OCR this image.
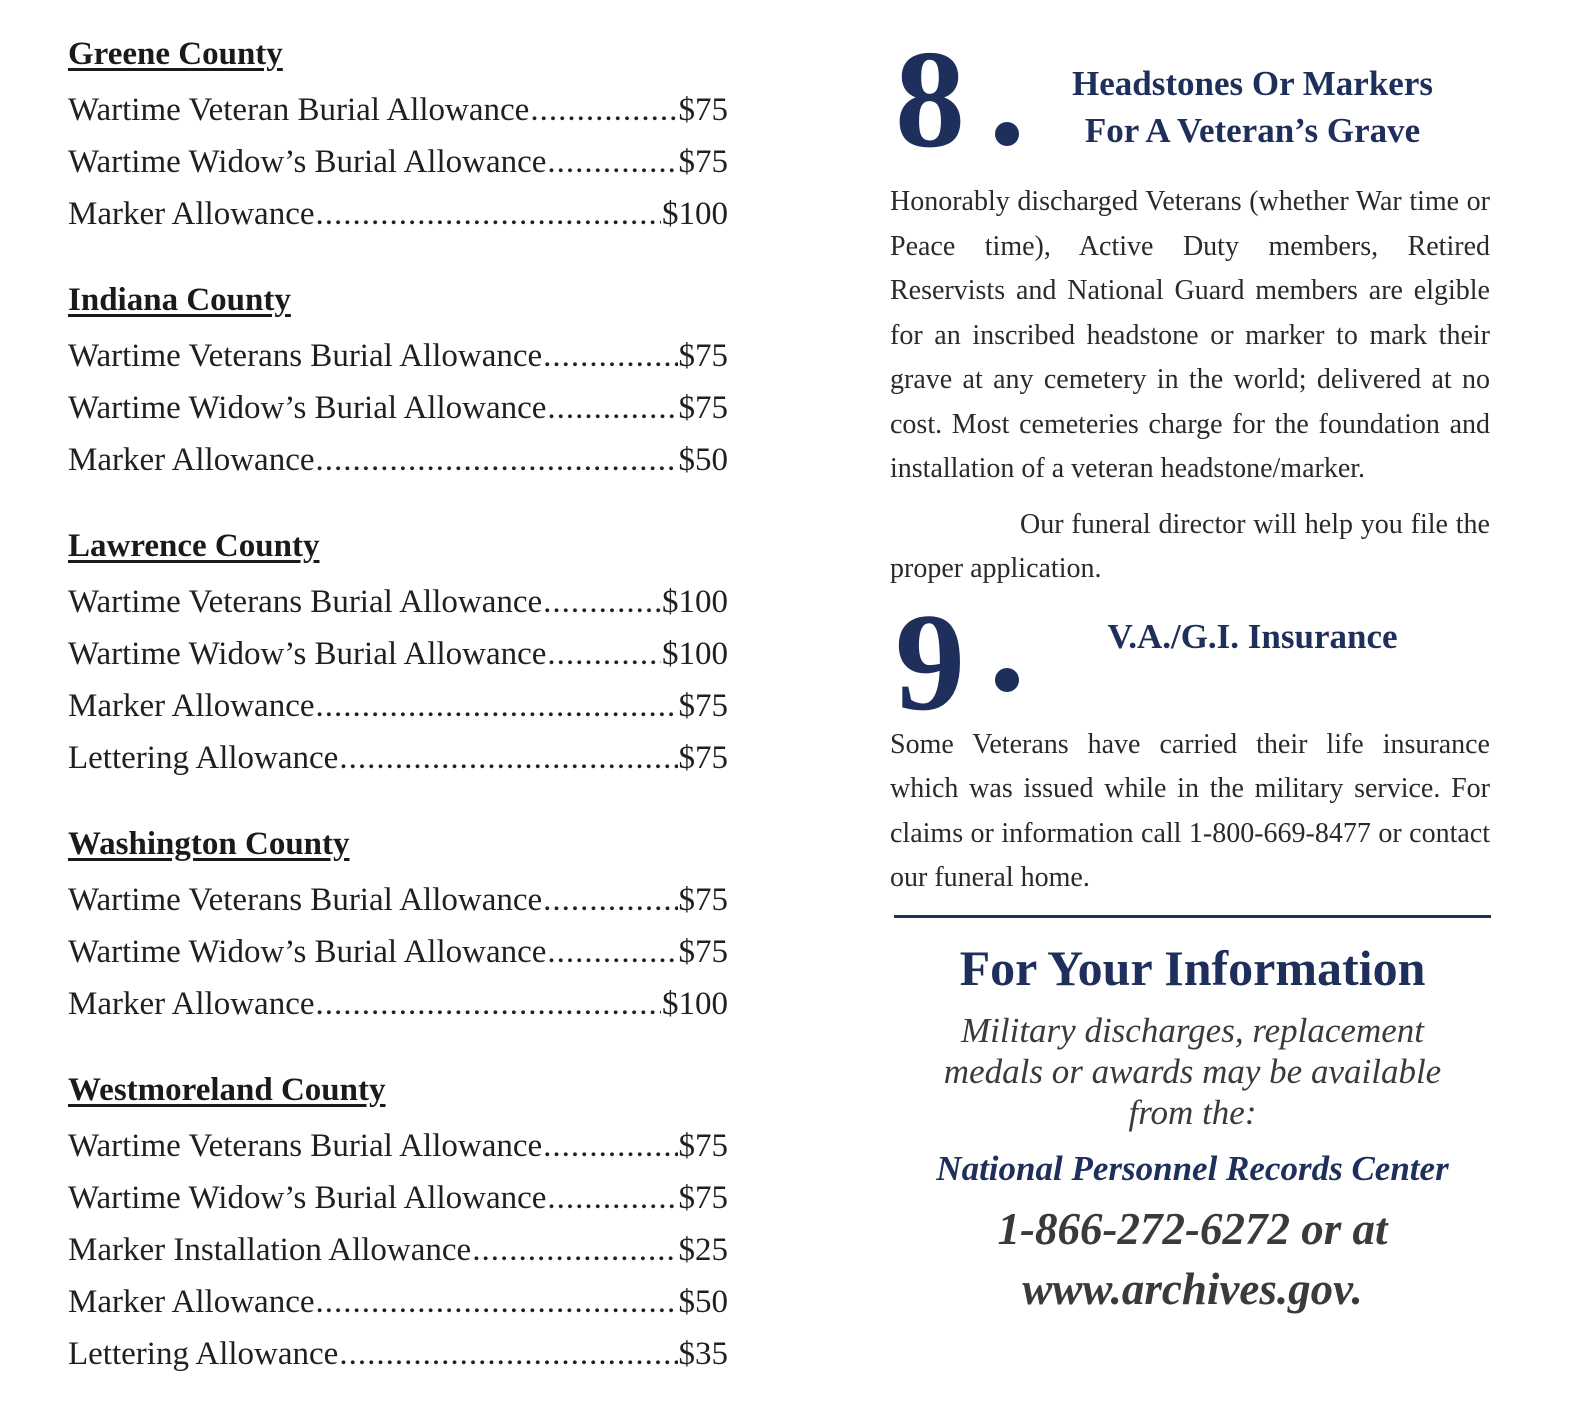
Greene County
Wartime Veteran Burial Allowance .....	$75
Wartime Widow’s Burial Allowance .....	$75
Marker Allowance .....	$100
Indiana County
Wartime Veterans Burial Allowance .....	$75
Wartime Widow’s Burial Allowance .....	$75
Marker Allowance .....	$50
Lawrence County
Wartime Veterans Burial Allowance .....	$100
Wartime Widow’s Burial Allowance .....	$100
Marker Allowance .....	$75
Lettering Allowance .....	$75
Washington County
Wartime Veterans Burial Allowance .....	$75
Wartime Widow’s Burial Allowance .....	$75
Marker Allowance .....	$100
Westmoreland County
Wartime Veterans Burial Allowance .....	$75
Wartime Widow’s Burial Allowance .....	$75
Marker Installation Allowance .....	$25
Marker Allowance .....	$50
Lettering Allowance .....	$35
8	Headstones Or Markers
For A Veteran’s Grave

Honorably discharged Veterans (whether War time or Peace time), Active Duty members, Retired Reservists and National Guard members are elgible for an inscribed headstone or marker to mark their grave at any cemetery in the world; delivered at no cost. Most cemeteries charge for the foundation and installation of a veteran headstone/marker.

Our funeral director will help you file the proper application.

9	V.A./G.I. Insurance

Some Veterans have carried their life insurance which was issued while in the military service. For claims or information call 1-800-669-8477 or contact our funeral home.

For Your Information

Military discharges, replacement medals or awards may be available from the:

National Personnel Records Center

1-866-272-6272 or at

www.archives.gov.
